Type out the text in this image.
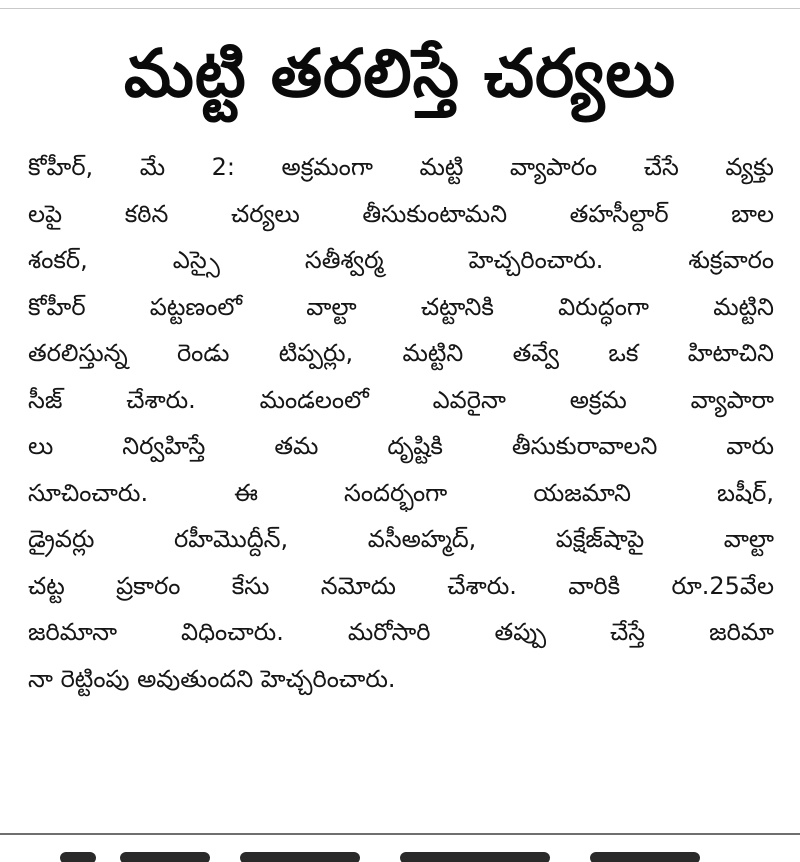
మట్టి తరలిస్తే చర్యలు
కోహీర్, మే 2: అక్రమంగా మట్టి వ్యాపారం చేసే వ్యక్తు
లపై కఠిన చర్యలు తీసుకుంటామని తహసీల్దార్ బాల
శంకర్, ఎస్సై సతీశ్వర్మ హెచ్చరించారు. శుక్రవారం
కోహీర్ పట్టణంలో వాల్టా చట్టానికి విరుద్ధంగా మట్టిని
తరలిస్తున్న రెండు టిప్పర్లు, మట్టిని తవ్వే ఒక హిటాచిని
సీజ్ చేశారు. మండలంలో ఎవరైనా అక్రమ వ్యాపారా
లు నిర్వహిస్తే తమ దృష్టికి తీసుకురావాలని వారు
సూచించారు. ఈ సందర్భంగా యజమాని బషీర్,
డ్రైవర్లు రహీమొద్దీన్, వసీఅహ్మద్, పక్షేజ్‌షాపై వాల్టా
చట్ట ప్రకారం కేసు నమోదు చేశారు. వారికి రూ.25వేల
జరిమానా విధించారు. మరోసారి తప్పు చేస్తే జరిమా
నా రెట్టింపు అవుతుందని హెచ్చరించారు.
